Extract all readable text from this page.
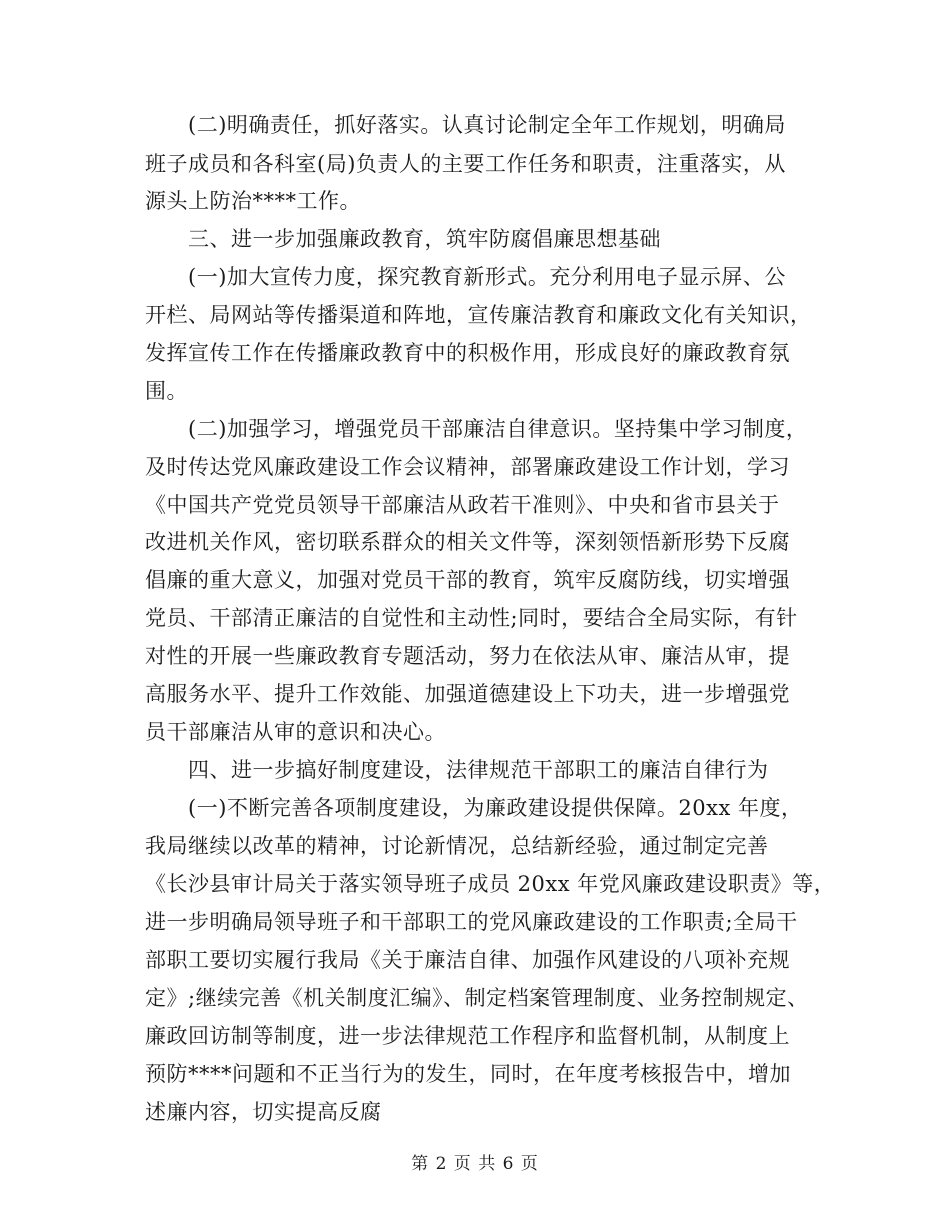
(二)明确责任，抓好落实。认真讨论制定全年工作规划，明确局
班子成员和各科室(局)负责人的主要工作任务和职责，注重落实，从
源头上防治****工作。
三、进一步加强廉政教育，筑牢防腐倡廉思想基础
(一)加大宣传力度，探究教育新形式。充分利用电子显示屏、公
开栏、局网站等传播渠道和阵地，宣传廉洁教育和廉政文化有关知识，
发挥宣传工作在传播廉政教育中的积极作用，形成良好的廉政教育氛
围。
(二)加强学习，增强党员干部廉洁自律意识。坚持集中学习制度，
及时传达党风廉政建设工作会议精神，部署廉政建设工作计划，学习
《中国共产党党员领导干部廉洁从政若干准则》、中央和省市县关于
改进机关作风，密切联系群众的相关文件等，深刻领悟新形势下反腐
倡廉的重大意义，加强对党员干部的教育，筑牢反腐防线，切实增强
党员、干部清正廉洁的自觉性和主动性;同时，要结合全局实际，有针
对性的开展一些廉政教育专题活动，努力在依法从审、廉洁从审，提
高服务水平、提升工作效能、加强道德建设上下功夫，进一步增强党
员干部廉洁从审的意识和决心。
四、进一步搞好制度建设，法律规范干部职工的廉洁自律行为
(一)不断完善各项制度建设，为廉政建设提供保障。20xx 年度，
我局继续以改革的精神，讨论新情况，总结新经验，通过制定完善
《长沙县审计局关于落实领导班子成员 20xx 年党风廉政建设职责》等，
进一步明确局领导班子和干部职工的党风廉政建设的工作职责;全局干
部职工要切实履行我局《关于廉洁自律、加强作风建设的八项补充规
定》;继续完善《机关制度汇编》、制定档案管理制度、业务控制规定、
廉政回访制等制度，进一步法律规范工作程序和监督机制，从制度上
预防****问题和不正当行为的发生，同时，在年度考核报告中，增加
述廉内容，切实提高反腐
第 2 页 共 6 页
